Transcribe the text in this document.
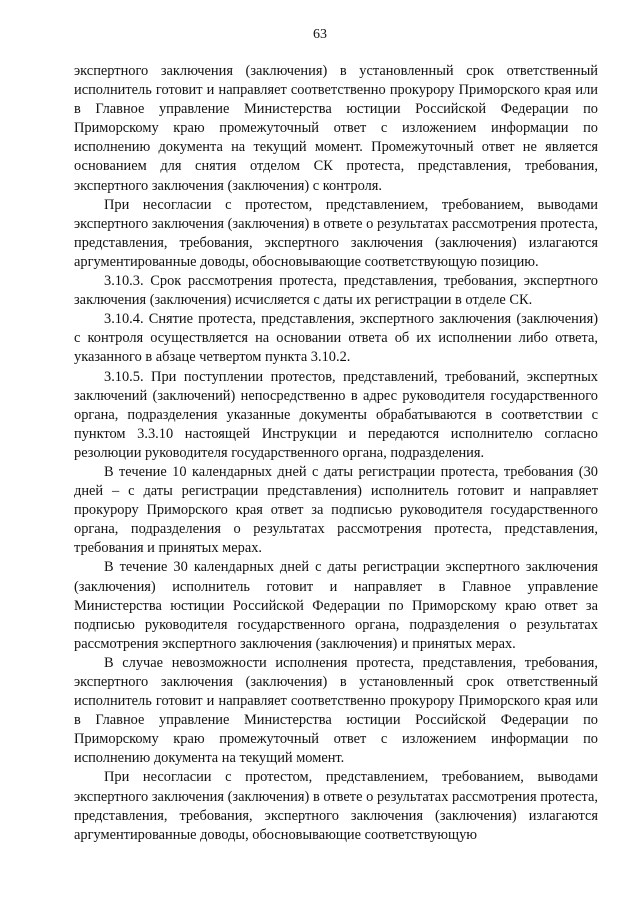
63

экспертного заключения (заключения) в установленный срок ответственный исполнитель готовит и направляет соответственно прокурору Приморского края или в Главное управление Министерства юстиции Российской Федерации по Приморскому краю промежуточный ответ с изложением информации по исполнению документа на текущий момент. Промежуточный ответ не является основанием для снятия отделом СК протеста, представления, требования, экспертного заключения (заключения) с контроля.

При несогласии с протестом, представлением, требованием, выводами экспертного заключения (заключения) в ответе о результатах рассмотрения протеста, представления, требования, экспертного заключения (заключения) излагаются аргументированные доводы, обосновывающие соответствующую позицию.

3.10.3. Срок рассмотрения протеста, представления, требования, экспертного заключения (заключения) исчисляется с даты их регистрации в отделе СК.

3.10.4. Снятие протеста, представления, экспертного заключения (заключения) с контроля осуществляется на основании ответа об их исполнении либо ответа, указанного в абзаце четвертом пункта 3.10.2.

3.10.5. При поступлении протестов, представлений, требований, экспертных заключений (заключений) непосредственно в адрес руководителя государственного органа, подразделения указанные документы обрабатываются в соответствии с пунктом 3.3.10 настоящей Инструкции и передаются исполнителю согласно резолюции руководителя государственного органа, подразделения.

В течение 10 календарных дней с даты регистрации протеста, требования (30 дней – с даты регистрации представления) исполнитель готовит и направляет прокурору Приморского края ответ за подписью руководителя государственного органа, подразделения о результатах рассмотрения протеста, представления, требования и принятых мерах.

В течение 30 календарных дней с даты регистрации экспертного заключения (заключения) исполнитель готовит и направляет в Главное управление Министерства юстиции Российской Федерации по Приморскому краю ответ за подписью руководителя государственного органа, подразделения о результатах рассмотрения экспертного заключения (заключения) и принятых мерах.

В случае невозможности исполнения протеста, представления, требования, экспертного заключения (заключения) в установленный срок ответственный исполнитель готовит и направляет соответственно прокурору Приморского края или в Главное управление Министерства юстиции Российской Федерации по Приморскому краю промежуточный ответ с изложением информации по исполнению документа на текущий момент.

При несогласии с протестом, представлением, требованием, выводами экспертного заключения (заключения) в ответе о результатах рассмотрения протеста, представления, требования, экспертного заключения (заключения) излагаются аргументированные доводы, обосновывающие соответствующую
